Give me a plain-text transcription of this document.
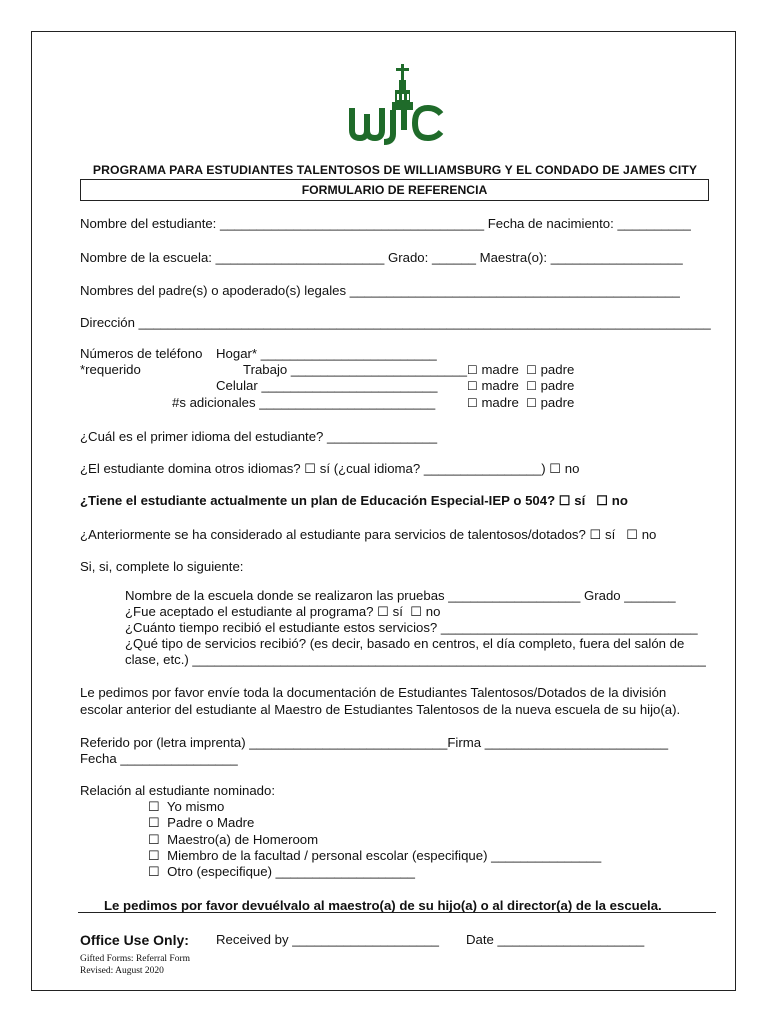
PROGRAMA PARA ESTUDIANTES TALENTOSOS DE WILLIAMSBURG Y EL CONDADO DE JAMES CITY
FORMULARIO DE REFERENCIA
Nombre del estudiante: ____________________________________ Fecha de nacimiento: __________
Nombre de la escuela: _______________________ Grado: ______ Maestra(o): __________________
Nombres del padre(s) o apoderado(s) legales _____________________________________________
Dirección ______________________________________________________________________________
Números de teléfono
*requerido
Hogar* ________________________
Trabajo ________________________
Celular ________________________
#s adicionales ________________________
☐ madre ☐ padre
☐ madre ☐ padre
☐ madre ☐ padre
¿Cuál es el primer idioma del estudiante? _______________
¿El estudiante domina otros idiomas? ☐ sí (¿cual idioma? ________________) ☐ no
¿Tiene el estudiante actualmente un plan de Educación Especial-IEP o 504? ☐ sí   ☐ no
¿Anteriormente se ha considerado al estudiante para servicios de talentosos/dotados? ☐ sí   ☐ no
Si, si, complete lo siguiente:
Nombre de la escuela donde se realizaron las pruebas __________________ Grado _______
¿Fue aceptado el estudiante al programa? ☐ sí  ☐ no
¿Cuánto tiempo recibió el estudiante estos servicios? ___________________________________
¿Qué tipo de servicios recibió? (es decir, basado en centros, el día completo, fuera del salón de
clase, etc.) ______________________________________________________________________
Le pedimos por favor envíe toda la documentación de Estudiantes Talentosos/Dotados de la división
escolar anterior del estudiante al Maestro de Estudiantes Talentosos de la nueva escuela de su hijo(a).
Referido por (letra imprenta) ___________________________Firma _________________________
Fecha ________________
Relación al estudiante nominado:
☐  Yo mismo
☐  Padre o Madre
☐  Maestro(a) de Homeroom
☐  Miembro de la facultad / personal escolar (especifique) _______________
☐  Otro (especifique) ___________________
Le pedimos por favor devuélvalo al maestro(a) de su hijo(a) o al director(a) de la escuela.
Office Use Only: Received by ____________________ Date ____________________
Gifted Forms: Referral Form
Revised: August 2020
